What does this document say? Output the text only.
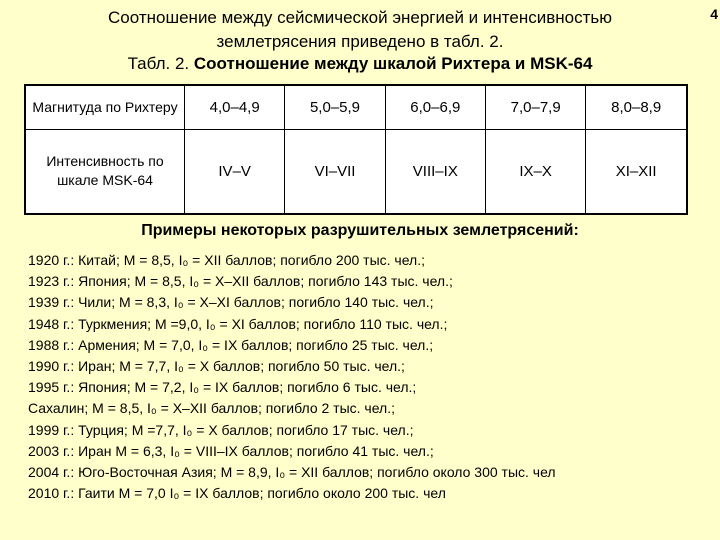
4
Соотношение между сейсмической энергией и интенсивностью
землетрясения приведено в табл. 2.
Табл. 2. Соотношение между шкалой Рихтера и MSK-64
Магнитуда по Рихтеру	4,0–4,9	5,0–5,9	6,0–6,9	7,0–7,9	8,0–8,9
Интенсивность по шкале MSK-64	IV–V	VI–VII	VIII–IX	IX–X	XI–XII
Примеры некоторых разрушительных землетрясений:
1920 г.: Китай; M = 8,5, I₀ = XII баллов; погибло 200 тыс. чел.;
1923 г.: Япония; M = 8,5, I₀ = X–XII баллов; погибло 143 тыс. чел.;
1939 г.: Чили; M = 8,3, I₀ = X–XI баллов; погибло 140 тыс. чел.;
1948 г.: Туркмения; M =9,0, I₀ = XI баллов; погибло 110 тыс. чел.;
1988 г.: Армения; M = 7,0, I₀ = IX баллов; погибло 25 тыс. чел.;
1990 г.: Иран; M = 7,7, I₀ = X баллов; погибло 50 тыс. чел.;
1995 г.: Япония; M = 7,2, I₀ = IX баллов; погибло 6 тыс. чел.;
Сахалин; M = 8,5, I₀ = X–XII баллов; погибло 2 тыс. чел.;
1999 г.: Турция; M =7,7, I₀ = X баллов; погибло 17 тыс. чел.;
2003 г.: Иран M = 6,3, I₀ = VIII–IX баллов; погибло 41 тыс. чел.;
2004 г.: Юго-Восточная Азия; M = 8,9, I₀ = XII баллов; погибло около 300 тыс. чел
2010 г.: Гаити M = 7,0 I₀ = IX баллов; погибло около 200 тыс. чел
